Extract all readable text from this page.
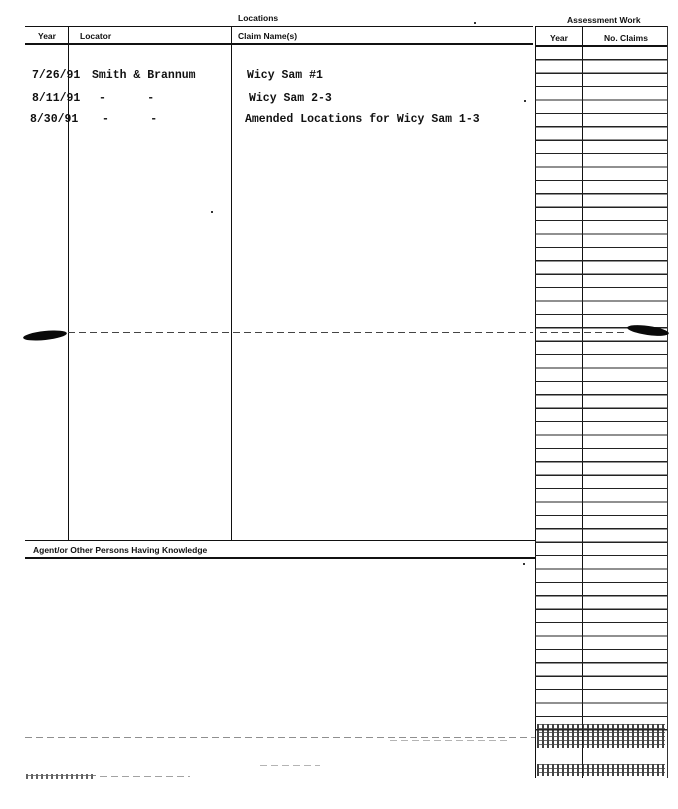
Locations	Assessment Work
Year	Locator	Claim Name(s)	Year	No. Claims
7/26/91 Smith & Brannum	Wicy Sam #1
8/11/91 -      -	Wicy Sam 2-3
8/30/91 -      -	Amended Locations for Wicy Sam 1-3
Agent/or Other Persons Having Knowledge
